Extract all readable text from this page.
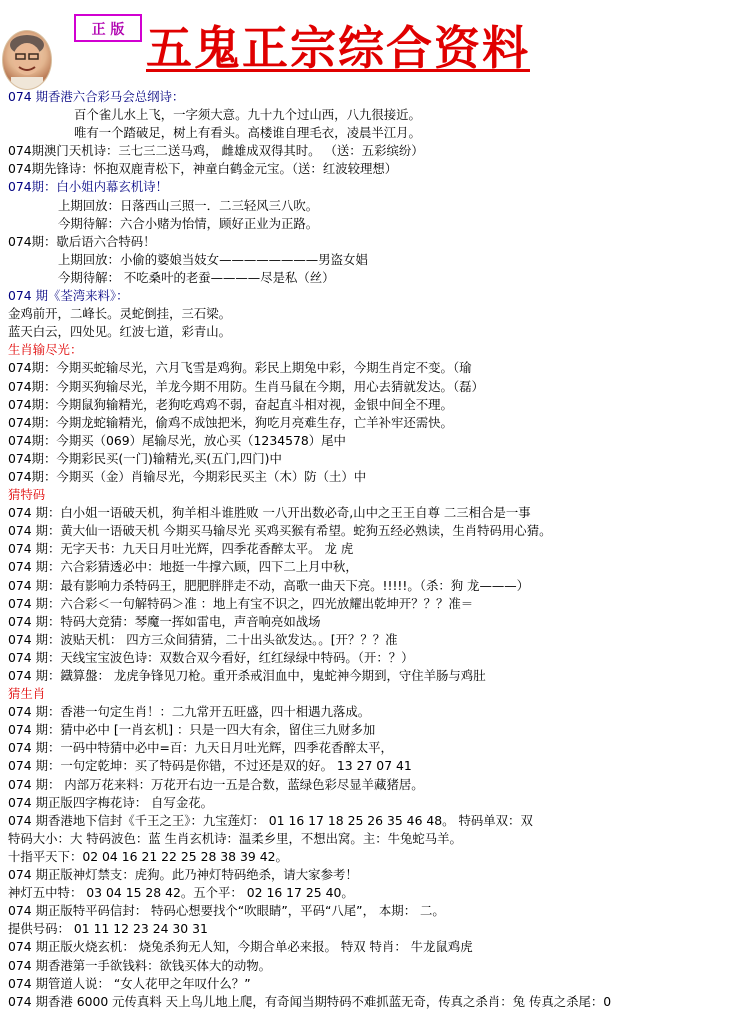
正 版 五鬼正宗综合资料
074 期香港六合彩马会总纲诗：
百个雀儿水上飞，一字须大意。九十九个过山西，八九很接近。
唯有一个踏破足，树上有看头。高楼谁自理毛衣，凌晨半江月。
074期澳门天机诗：三七三二送马鸡， 雌雄成双得其时。 （送：五彩缤纷）
074期先锋诗：怀抱双鹿青松下，神童白鹤金元宝。（送：红波较理想）
074期：白小姐内幕玄机诗！
上期回放：日落西山三照一．二三轻风三八吹。
今期待解：六合小赌为怡情，顾好正业为正路。
074期：歇后语六合特码！
上期回放：小偷的婆娘当妓女————————男盗女娼
今期待解： 不吃桑叶的老蚕————尽是私（丝）
074 期《荃湾来料》：
金鸡前开，二峰长。灵蛇倒挂，三石梁。
蓝天白云，四处见。红波七道，彩青山。
生肖输尽光：
074期：今期买蛇输尽光，六月飞雪是鸡狗。彩民上期兔中彩，今期生肖定不变。（瑜
074期：今期买狗输尽光，羊龙今期不用防。生肖马鼠在今期，用心去猜就发达。（磊）
074期：今期鼠狗输精光，老狗吃鸡鸡不弱，奋起直斗相对视，金银中间全不理。
074期：今期龙蛇输精光，偷鸡不成蚀把米，狗吃月亮难生存，亡羊补牢还需快。
074期：今期买（069）尾输尽光，放心买（1234578）尾中
074期：今期彩民买(一门)输精光,买(五门,四门)中
074期：今期买（金）肖输尽光，今期彩民买主（木）防（土）中
猜特码
074 期：白小姐一语破天机，狗羊相斗谁胜败 一八开出数必奇,山中之王王自尊 二三相合是一事
074 期：黄大仙一语破天机 今期买马输尽光 买鸡买猴有希望。蛇狗五经必熟读，生肖特码用心猜。
074 期：无字天书：九天日月吐光辉，四季花香醉太平。 龙 虎
074 期：六合彩猜透必中：地挺一牛撑六顾，四下二上月中秋，
074 期：最有影响力杀特码王，肥肥胖胖走不动，高歌一曲天下亮。!!!!!。（杀：狗 龙———）
074 期：六合彩＜一句解特码＞准 ：地上有宝不识之，四光放耀出乾坤开？？？准＝
074 期：特码大竞猜：琴魔一挥如雷电，声音响亮如战场
074 期：波贴天机： 四方三众间猜猜，二十出头欲发达。。[开？？？准
074 期：天线宝宝波色诗：双数合双今看好，红红绿绿中特码。（开：？）
074 期：鐡算盤： 龙虎争锋见刀枪。重开杀戒泪血中，鬼蛇神今期到，守住羊肠与鸡肚
猜生肖
074 期：香港一句定生肖！：二九常开五旺盛，四十相遇九落成。
074 期：猜中必中 [一肖玄机] ：只是一四大有余，留住三九财多加
074 期：一码中特猜中必中=百：九天日月吐光辉，四季花香醉太平，
074 期：一句定乾坤：买了特码是你错，不过还是双的好。 13 27 07 41
074 期： 内部万花来料：万花开右边一五是合数，蓝绿色彩尽显羊藏猪居。
074 期正版四字梅花诗： 自写金花。
074 期香港地下信封《千王之王》：九宝莲灯： 01 16 17 18 25 26 35 46 48。 特码单双：双
特码大小：大 特码波色：蓝 生肖玄机诗：温柔乡里，不想出窝。主：牛兔蛇马羊。
十指平天下：02 04 16 21 22 25 28 38 39 42。
074 期正版神灯禁支：虎狗。此乃神灯特码绝杀，请大家参考！
神灯五中特： 03 04 15 28 42。五个平： 02 16 17 25 40。
074 期正版特平码信封： 特码心想要找个“吹眼睛”，平码“八尾”， 本期： 二。
提供号码： 01 11 12 23 24 30 31
074 期正版火烧玄机： 烧兔杀狗无人知，今期合单必来报。 特双 特肖： 牛龙鼠鸡虎
074 期香港第一手欲钱料：欲钱买体大的动物。
074 期管道人说： “女人花甲之年叹什么？”
074 期香港 6000 元传真料 天上鸟儿地上爬，有奇闻当期特码不难抓蓝无奇，传真之杀肖：兔 传真之杀尾：0
